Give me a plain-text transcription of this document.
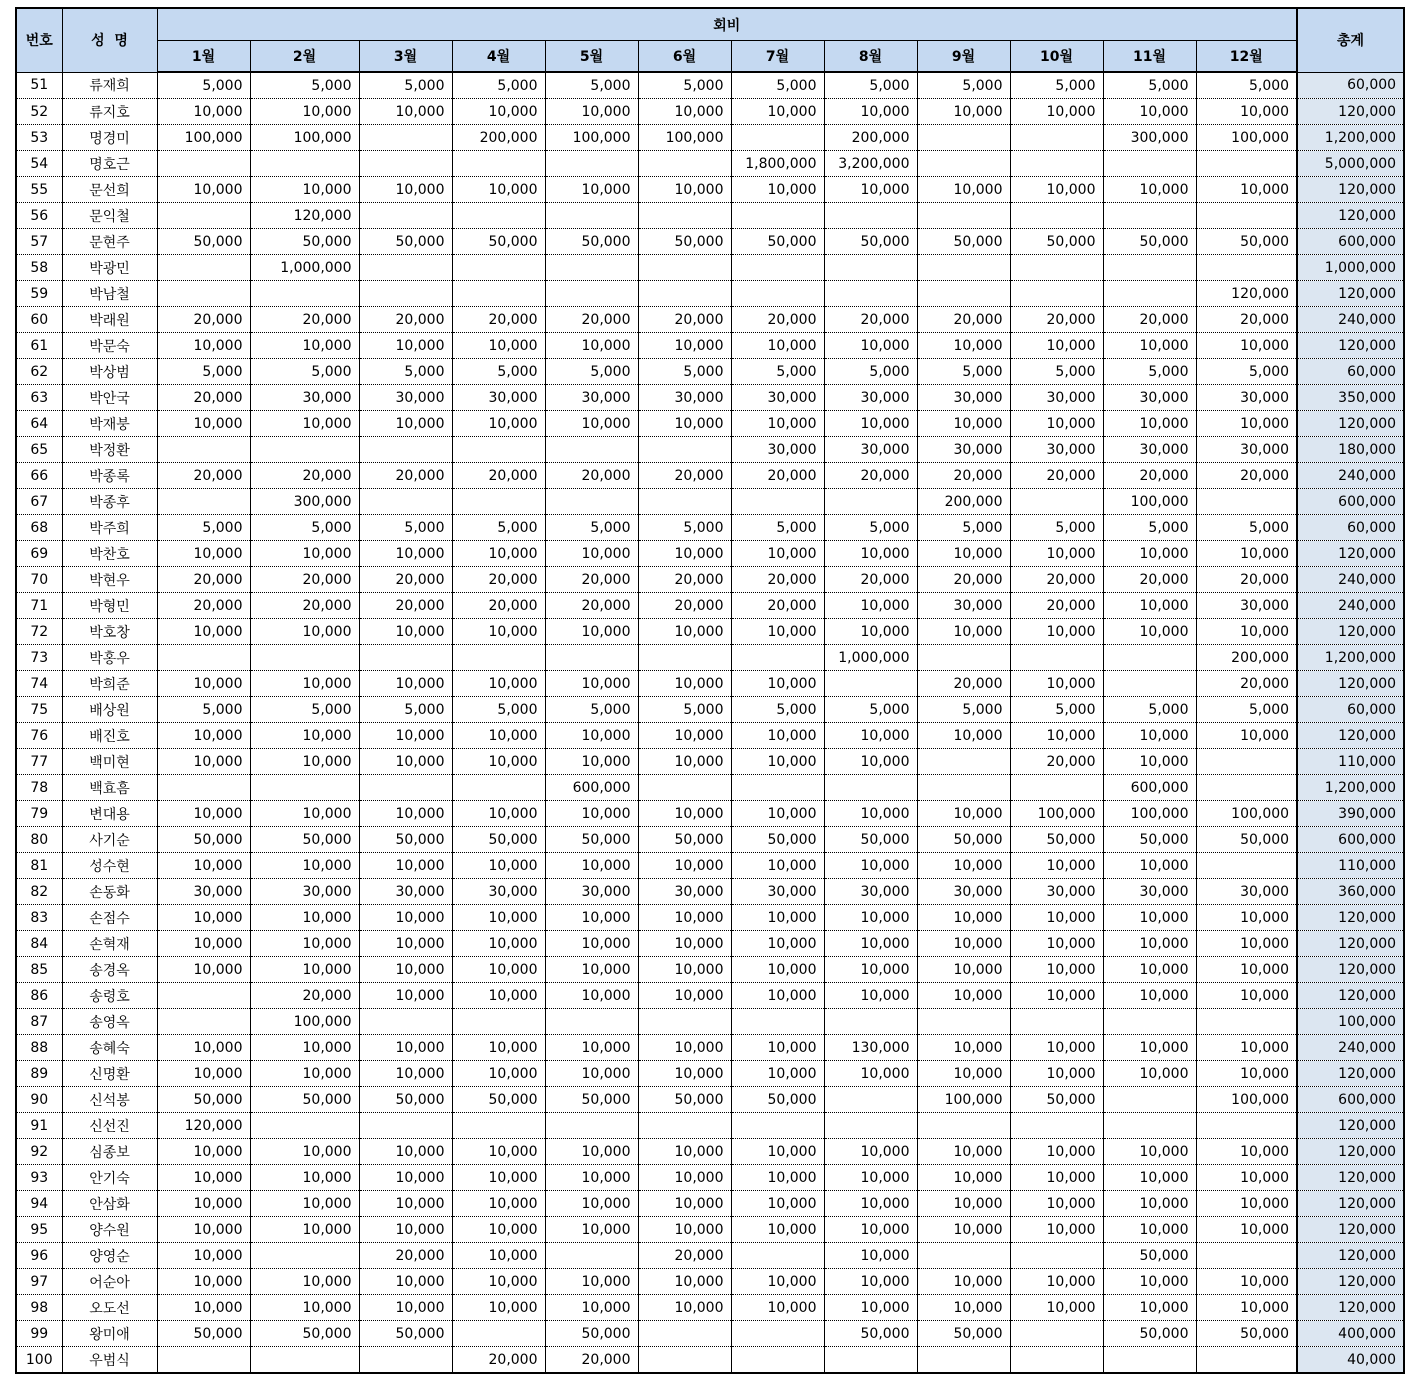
번호	성  명	회비												총계
		1월	2월	3월	4월	5월	6월	7월	8월	9월	10월	11월	12월	
51	류재희	5,000	5,000	5,000	5,000	5,000	5,000	5,000	5,000	5,000	5,000	5,000	5,000	60,000
52	류지호	10,000	10,000	10,000	10,000	10,000	10,000	10,000	10,000	10,000	10,000	10,000	10,000	120,000
53	명경미	100,000	100,000		200,000	100,000	100,000		200,000			300,000	100,000	1,200,000
54	명호근							1,800,000	3,200,000					5,000,000
55	문선희	10,000	10,000	10,000	10,000	10,000	10,000	10,000	10,000	10,000	10,000	10,000	10,000	120,000
56	문익철		120,000											120,000
57	문현주	50,000	50,000	50,000	50,000	50,000	50,000	50,000	50,000	50,000	50,000	50,000	50,000	600,000
58	박광민		1,000,000											1,000,000
59	박남철												120,000	120,000
60	박래원	20,000	20,000	20,000	20,000	20,000	20,000	20,000	20,000	20,000	20,000	20,000	20,000	240,000
61	박문숙	10,000	10,000	10,000	10,000	10,000	10,000	10,000	10,000	10,000	10,000	10,000	10,000	120,000
62	박상범	5,000	5,000	5,000	5,000	5,000	5,000	5,000	5,000	5,000	5,000	5,000	5,000	60,000
63	박안국	20,000	30,000	30,000	30,000	30,000	30,000	30,000	30,000	30,000	30,000	30,000	30,000	350,000
64	박재붕	10,000	10,000	10,000	10,000	10,000	10,000	10,000	10,000	10,000	10,000	10,000	10,000	120,000
65	박정환							30,000	30,000	30,000	30,000	30,000	30,000	180,000
66	박종록	20,000	20,000	20,000	20,000	20,000	20,000	20,000	20,000	20,000	20,000	20,000	20,000	240,000
67	박종후		300,000							200,000		100,000		600,000
68	박주희	5,000	5,000	5,000	5,000	5,000	5,000	5,000	5,000	5,000	5,000	5,000	5,000	60,000
69	박찬호	10,000	10,000	10,000	10,000	10,000	10,000	10,000	10,000	10,000	10,000	10,000	10,000	120,000
70	박현우	20,000	20,000	20,000	20,000	20,000	20,000	20,000	20,000	20,000	20,000	20,000	20,000	240,000
71	박형민	20,000	20,000	20,000	20,000	20,000	20,000	20,000	10,000	30,000	20,000	10,000	30,000	240,000
72	박호창	10,000	10,000	10,000	10,000	10,000	10,000	10,000	10,000	10,000	10,000	10,000	10,000	120,000
73	박홍우								1,000,000				200,000	1,200,000
74	박희준	10,000	10,000	10,000	10,000	10,000	10,000	10,000		20,000	10,000		20,000	120,000
75	배상원	5,000	5,000	5,000	5,000	5,000	5,000	5,000	5,000	5,000	5,000	5,000	5,000	60,000
76	배진호	10,000	10,000	10,000	10,000	10,000	10,000	10,000	10,000	10,000	10,000	10,000	10,000	120,000
77	백미현	10,000	10,000	10,000	10,000	10,000	10,000	10,000	10,000		20,000	10,000		110,000
78	백효흠					600,000						600,000		1,200,000
79	변대용	10,000	10,000	10,000	10,000	10,000	10,000	10,000	10,000	10,000	100,000	100,000	100,000	390,000
80	사기순	50,000	50,000	50,000	50,000	50,000	50,000	50,000	50,000	50,000	50,000	50,000	50,000	600,000
81	성수현	10,000	10,000	10,000	10,000	10,000	10,000	10,000	10,000	10,000	10,000	10,000		110,000
82	손동화	30,000	30,000	30,000	30,000	30,000	30,000	30,000	30,000	30,000	30,000	30,000	30,000	360,000
83	손점수	10,000	10,000	10,000	10,000	10,000	10,000	10,000	10,000	10,000	10,000	10,000	10,000	120,000
84	손혁재	10,000	10,000	10,000	10,000	10,000	10,000	10,000	10,000	10,000	10,000	10,000	10,000	120,000
85	송경옥	10,000	10,000	10,000	10,000	10,000	10,000	10,000	10,000	10,000	10,000	10,000	10,000	120,000
86	송령호		20,000	10,000	10,000	10,000	10,000	10,000	10,000	10,000	10,000	10,000	10,000	120,000
87	송영옥		100,000											100,000
88	송혜숙	10,000	10,000	10,000	10,000	10,000	10,000	10,000	130,000	10,000	10,000	10,000	10,000	240,000
89	신명환	10,000	10,000	10,000	10,000	10,000	10,000	10,000	10,000	10,000	10,000	10,000	10,000	120,000
90	신석봉	50,000	50,000	50,000	50,000	50,000	50,000	50,000		100,000	50,000		100,000	600,000
91	신선진	120,000												120,000
92	심종보	10,000	10,000	10,000	10,000	10,000	10,000	10,000	10,000	10,000	10,000	10,000	10,000	120,000
93	안기숙	10,000	10,000	10,000	10,000	10,000	10,000	10,000	10,000	10,000	10,000	10,000	10,000	120,000
94	안삼화	10,000	10,000	10,000	10,000	10,000	10,000	10,000	10,000	10,000	10,000	10,000	10,000	120,000
95	양수원	10,000	10,000	10,000	10,000	10,000	10,000	10,000	10,000	10,000	10,000	10,000	10,000	120,000
96	양영순	10,000		20,000	10,000		20,000		10,000			50,000		120,000
97	어순아	10,000	10,000	10,000	10,000	10,000	10,000	10,000	10,000	10,000	10,000	10,000	10,000	120,000
98	오도선	10,000	10,000	10,000	10,000	10,000	10,000	10,000	10,000	10,000	10,000	10,000	10,000	120,000
99	왕미애	50,000	50,000	50,000		50,000			50,000	50,000		50,000	50,000	400,000
100	우범식				20,000	20,000								40,000
